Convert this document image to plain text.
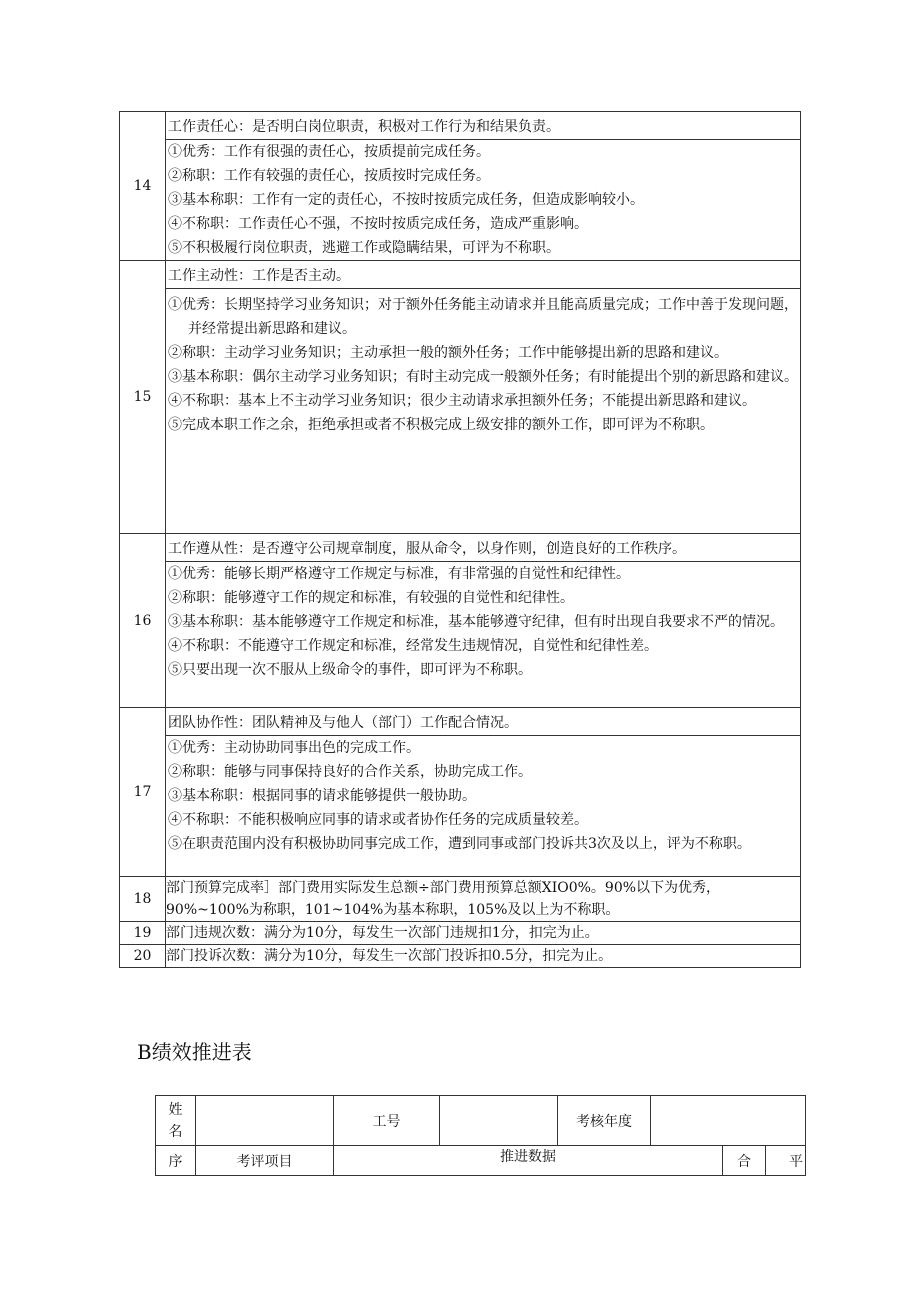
14	工作责任心：是否明白岗位职责，积极对工作行为和结果负责。

	①优秀：工作有很强的责任心，按质提前完成任务。
②称职：工作有较强的责任心，按质按时完成任务。
③基本称职：工作有一定的责任心，不按时按质完成任务，但造成影响较小。
④不称职：工作责任心不强，不按时按质完成任务，造成严重影响。
⑤不积极履行岗位职责，逃避工作或隐瞒结果，可评为不称职。

15	工作主动性：工作是否主动。

	①优秀：长期坚持学习业务知识；对于额外任务能主动请求并且能高质量完成；工作中善于发现问题，并经常提出新思路和建议。
②称职：主动学习业务知识；主动承担一般的额外任务；工作中能够提出新的思路和建议。
③基本称职：偶尔主动学习业务知识；有时主动完成一般额外任务；有时能提出个别的新思路和建议。
④不称职：基本上不主动学习业务知识；很少主动请求承担额外任务；不能提出新思路和建议。
⑤完成本职工作之余，拒绝承担或者不积极完成上级安排的额外工作，即可评为不称职。

16	工作遵从性：是否遵守公司规章制度，服从命令，以身作则，创造良好的工作秩序。

	①优秀：能够长期严格遵守工作规定与标准，有非常强的自觉性和纪律性。
②称职：能够遵守工作的规定和标准，有较强的自觉性和纪律性。
③基本称职：基本能够遵守工作规定和标准，基本能够遵守纪律，但有时出现自我要求不严的情况。
④不称职：不能遵守工作规定和标准，经常发生违规情况，自觉性和纪律性差。
⑤只要出现一次不服从上级命令的事件，即可评为不称职。

17	团队协作性：团队精神及与他人（部门）工作配合情况。

	①优秀：主动协助同事出色的完成工作。
②称职：能够与同事保持良好的合作关系，协助完成工作。
③基本称职：根据同事的请求能够提供一般协助。
④不称职：不能积极响应同事的请求或者协作任务的完成质量较差。
⑤在职责范围内没有积极协助同事完成工作，遭到同事或部门投诉共3次及以上，评为不称职。

18	部门预算完成率］部门费用实际发生总额÷部门费用预算总额XIO0%。90%以下为优秀，90%~100%为称职，101~104%为基本称职，105%及以上为不称职。
19	部门违规次数：满分为10分，每发生一次部门违规扣1分，扣完为止。
20	部门投诉次数：满分为10分，每发生一次部门投诉扣0.5分，扣完为止。
B绩效推进表
姓名		工号		考核年度			
序	考评项目	推进数据				合	平
